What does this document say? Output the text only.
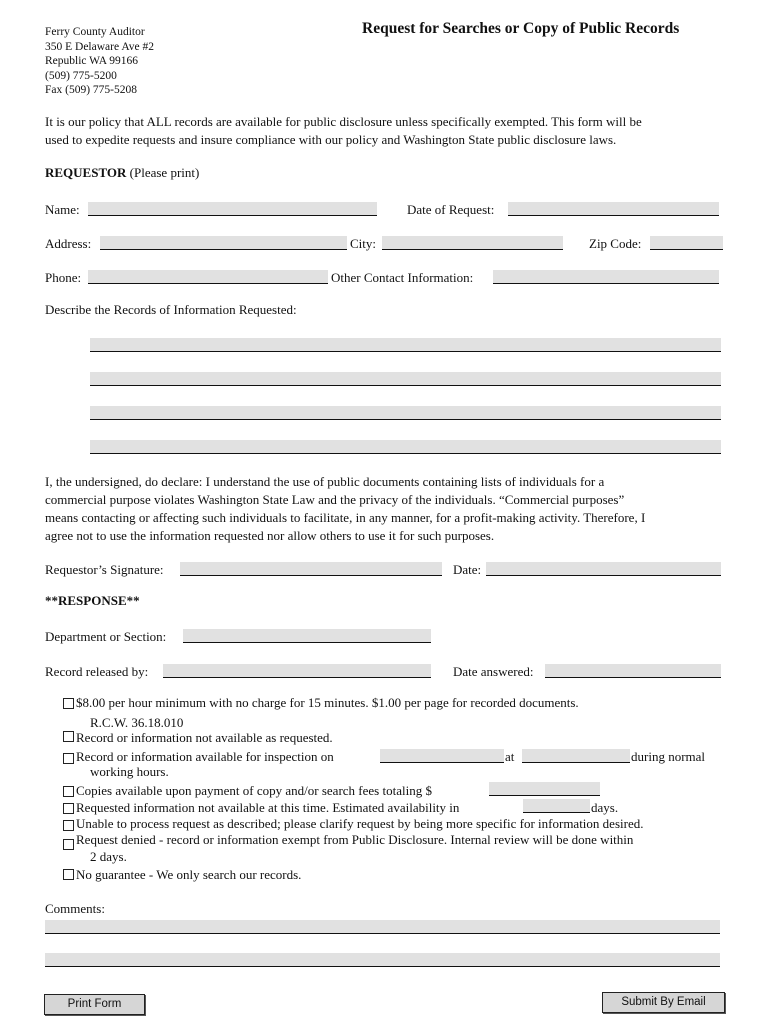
Ferry County Auditor
350 E Delaware Ave #2
Republic WA 99166
(509) 775-5200
Fax (509) 775-5208
Request for Searches or Copy of Public Records
It is our policy that ALL records are available for public disclosure unless specifically exempted. This form will be
used to expedite requests and insure compliance with our policy and Washington State public disclosure laws.
REQUESTOR (Please print)
Name:	Date of Request:
Address:	City:	Zip Code:
Phone:	Other Contact Information:
Describe the Records of Information Requested:
I, the undersigned, do declare: I understand the use of public documents containing lists of individuals for a
commercial purpose violates Washington State Law and the privacy of the individuals. “Commercial purposes”
means contacting or affecting such individuals to facilitate, in any manner, for a profit-making activity. Therefore, I
agree not to use the information requested nor allow others to use it for such purposes.
Requestor’s Signature:	Date:
**RESPONSE**
Department or Section:
Record released by:	Date answered:
$8.00 per hour minimum with no charge for 15 minutes. $1.00 per page for recorded documents.
R.C.W. 36.18.010
Record or information not available as requested.
Record or information available for inspection on	at	during normal
working hours.
Copies available upon payment of copy and/or search fees totaling $
Requested information not available at this time. Estimated availability in	days.
Unable to process request as described; please clarify request by being more specific for information desired.
Request denied - record or information exempt from Public Disclosure. Internal review will be done within
2 days.
No guarantee - We only search our records.
Comments:
Print Form	Submit By Email
